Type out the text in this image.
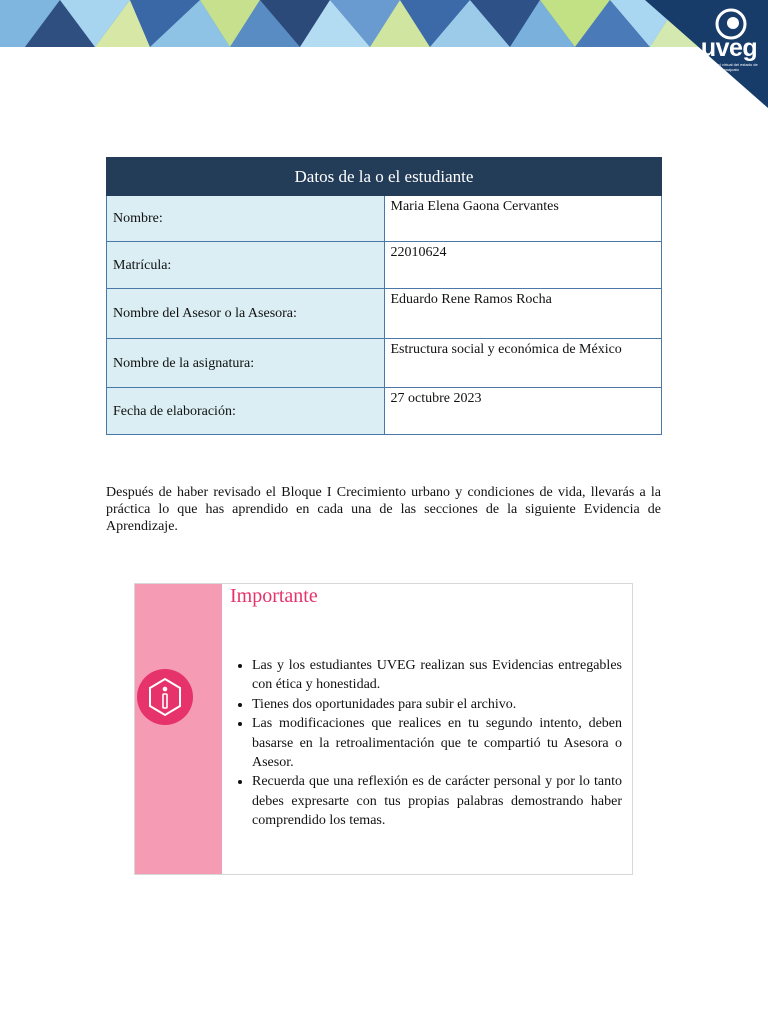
uveg
universidad virtual del estado de guanajuato
Datos de la o el estudiante	
Nombre:	Maria Elena Gaona Cervantes
Matrícula:	22010624
Nombre del Asesor o la Asesora:	Eduardo Rene Ramos Rocha
Nombre de la asignatura:	Estructura social y económica de México
Fecha de elaboración:	27 octubre 2023

Después de haber revisado el Bloque I Crecimiento urbano y condiciones de vida, llevarás a la práctica lo que has aprendido en cada una de las secciones de la siguiente Evidencia de Aprendizaje.

Importante
• Las y los estudiantes UVEG realizan sus Evidencias entregables con ética y honestidad.
• Tienes dos oportunidades para subir el archivo.
• Las modificaciones que realices en tu segundo intento, deben basarse en la retroalimentación que te compartió tu Asesora o Asesor.
• Recuerda que una reflexión es de carácter personal y por lo tanto debes expresarte con tus propias palabras demostrando haber comprendido los temas.
